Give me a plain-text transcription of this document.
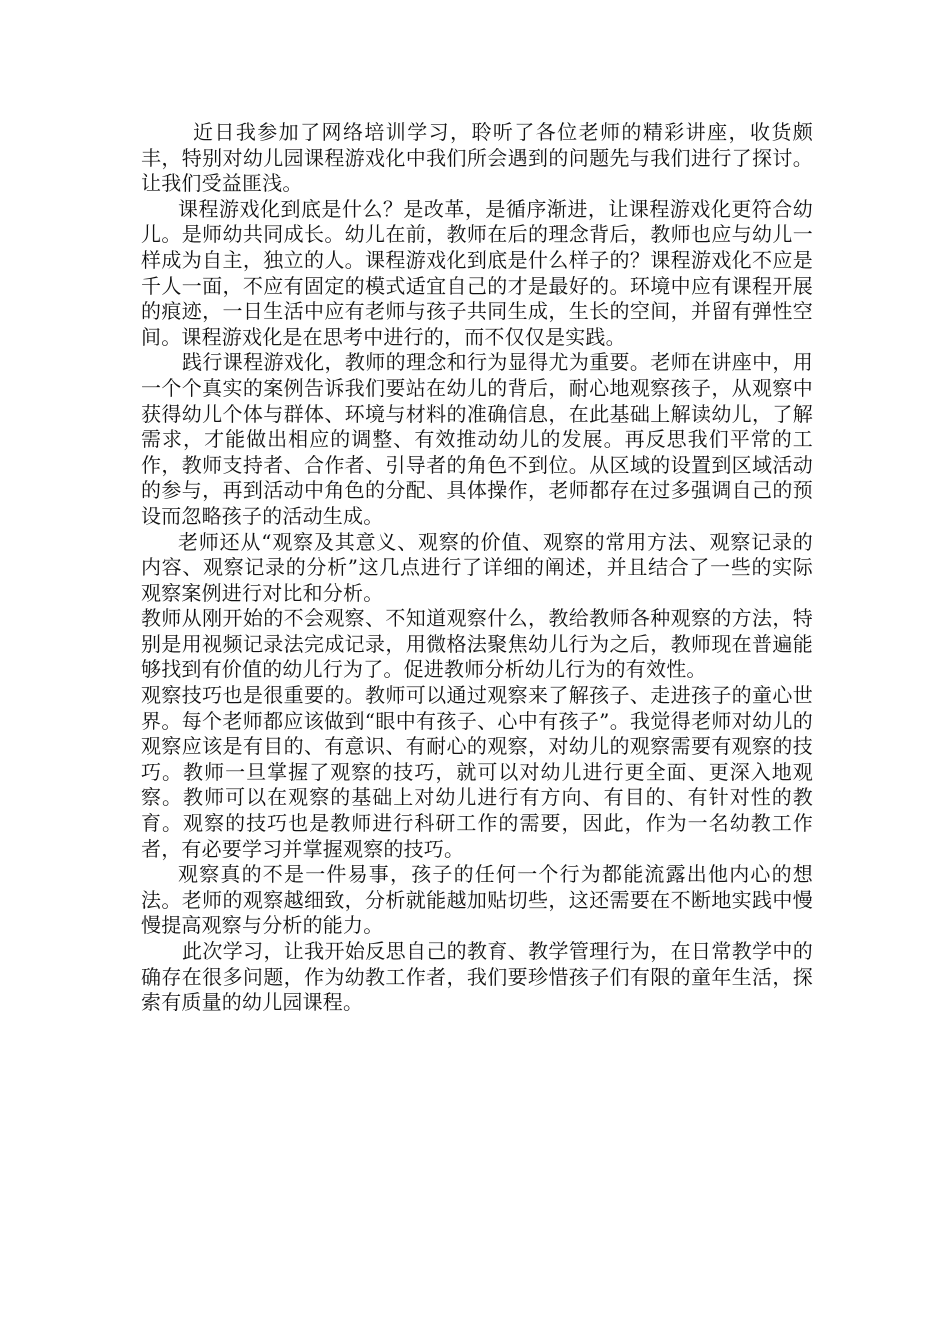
近日我参加了网络培训学习，聆听了各位老师的精彩讲座，收货颇丰，特别对幼儿园课程游戏化中我们所会遇到的问题先与我们进行了探讨。让我们受益匪浅。

课程游戏化到底是什么？是改革，是循序渐进，让课程游戏化更符合幼儿。是师幼共同成长。幼儿在前，教师在后的理念背后，教师也应与幼儿一样成为自主，独立的人。课程游戏化到底是什么样子的？课程游戏化不应是千人一面，不应有固定的模式适宜自己的才是最好的。环境中应有课程开展的痕迹，一日生活中应有老师与孩子共同生成，生长的空间，并留有弹性空间。课程游戏化是在思考中进行的，而不仅仅是实践。

践行课程游戏化，教师的理念和行为显得尤为重要。老师在讲座中，用一个个真实的案例告诉我们要站在幼儿的背后，耐心地观察孩子，从观察中获得幼儿个体与群体、环境与材料的准确信息，在此基础上解读幼儿，了解需求，才能做出相应的调整、有效推动幼儿的发展。再反思我们平常的工作，教师支持者、合作者、引导者的角色不到位。从区域的设置到区域活动的参与，再到活动中角色的分配、具体操作，老师都存在过多强调自己的预设而忽略孩子的活动生成。

老师还从“观察及其意义、观察的价值、观察的常用方法、观察记录的内容、观察记录的分析”这几点进行了详细的阐述，并且结合了一些的实际观察案例进行对比和分析。

教师从刚开始的不会观察、不知道观察什么，教给教师各种观察的方法，特别是用视频记录法完成记录，用微格法聚焦幼儿行为之后，教师现在普遍能够找到有价值的幼儿行为了。促进教师分析幼儿行为的有效性。

观察技巧也是很重要的。教师可以通过观察来了解孩子、走进孩子的童心世界。每个老师都应该做到“眼中有孩子、心中有孩子”。我觉得老师对幼儿的观察应该是有目的、有意识、有耐心的观察，对幼儿的观察需要有观察的技巧。教师一旦掌握了观察的技巧，就可以对幼儿进行更全面、更深入地观察。教师可以在观察的基础上对幼儿进行有方向、有目的、有针对性的教育。观察的技巧也是教师进行科研工作的需要，因此，作为一名幼教工作者，有必要学习并掌握观察的技巧。

观察真的不是一件易事，孩子的任何一个行为都能流露出他内心的想法。老师的观察越细致，分析就能越加贴切些，这还需要在不断地实践中慢慢提高观察与分析的能力。

此次学习，让我开始反思自己的教育、教学管理行为，在日常教学中的确存在很多问题，作为幼教工作者，我们要珍惜孩子们有限的童年生活，探索有质量的幼儿园课程。
